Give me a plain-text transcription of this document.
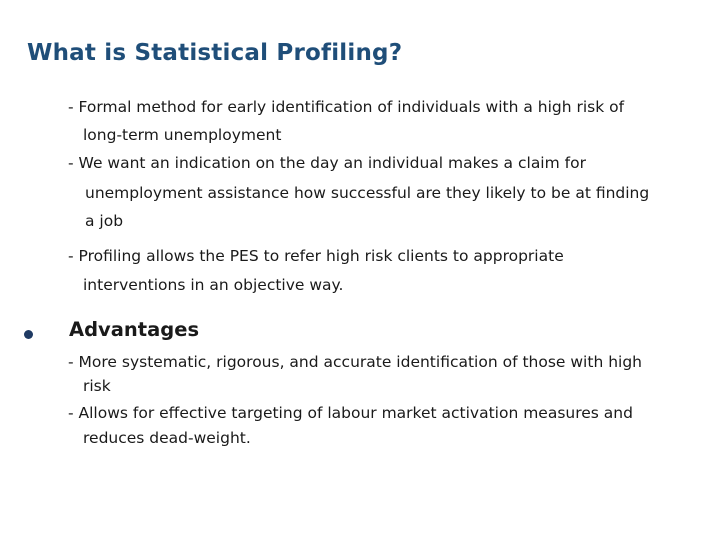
What is Statistical Profiling?
- Formal method for early identification of individuals with a high risk of
long-term unemployment
- We want an indication on the day an individual makes a claim for
unemployment assistance how successful are they likely to be at finding
a job
- Profiling allows the PES to refer high risk clients to appropriate
interventions in an objective way.
Advantages
- More systematic, rigorous, and accurate identification of those with high
risk
- Allows for effective targeting of labour market activation measures and
reduces dead-weight.
